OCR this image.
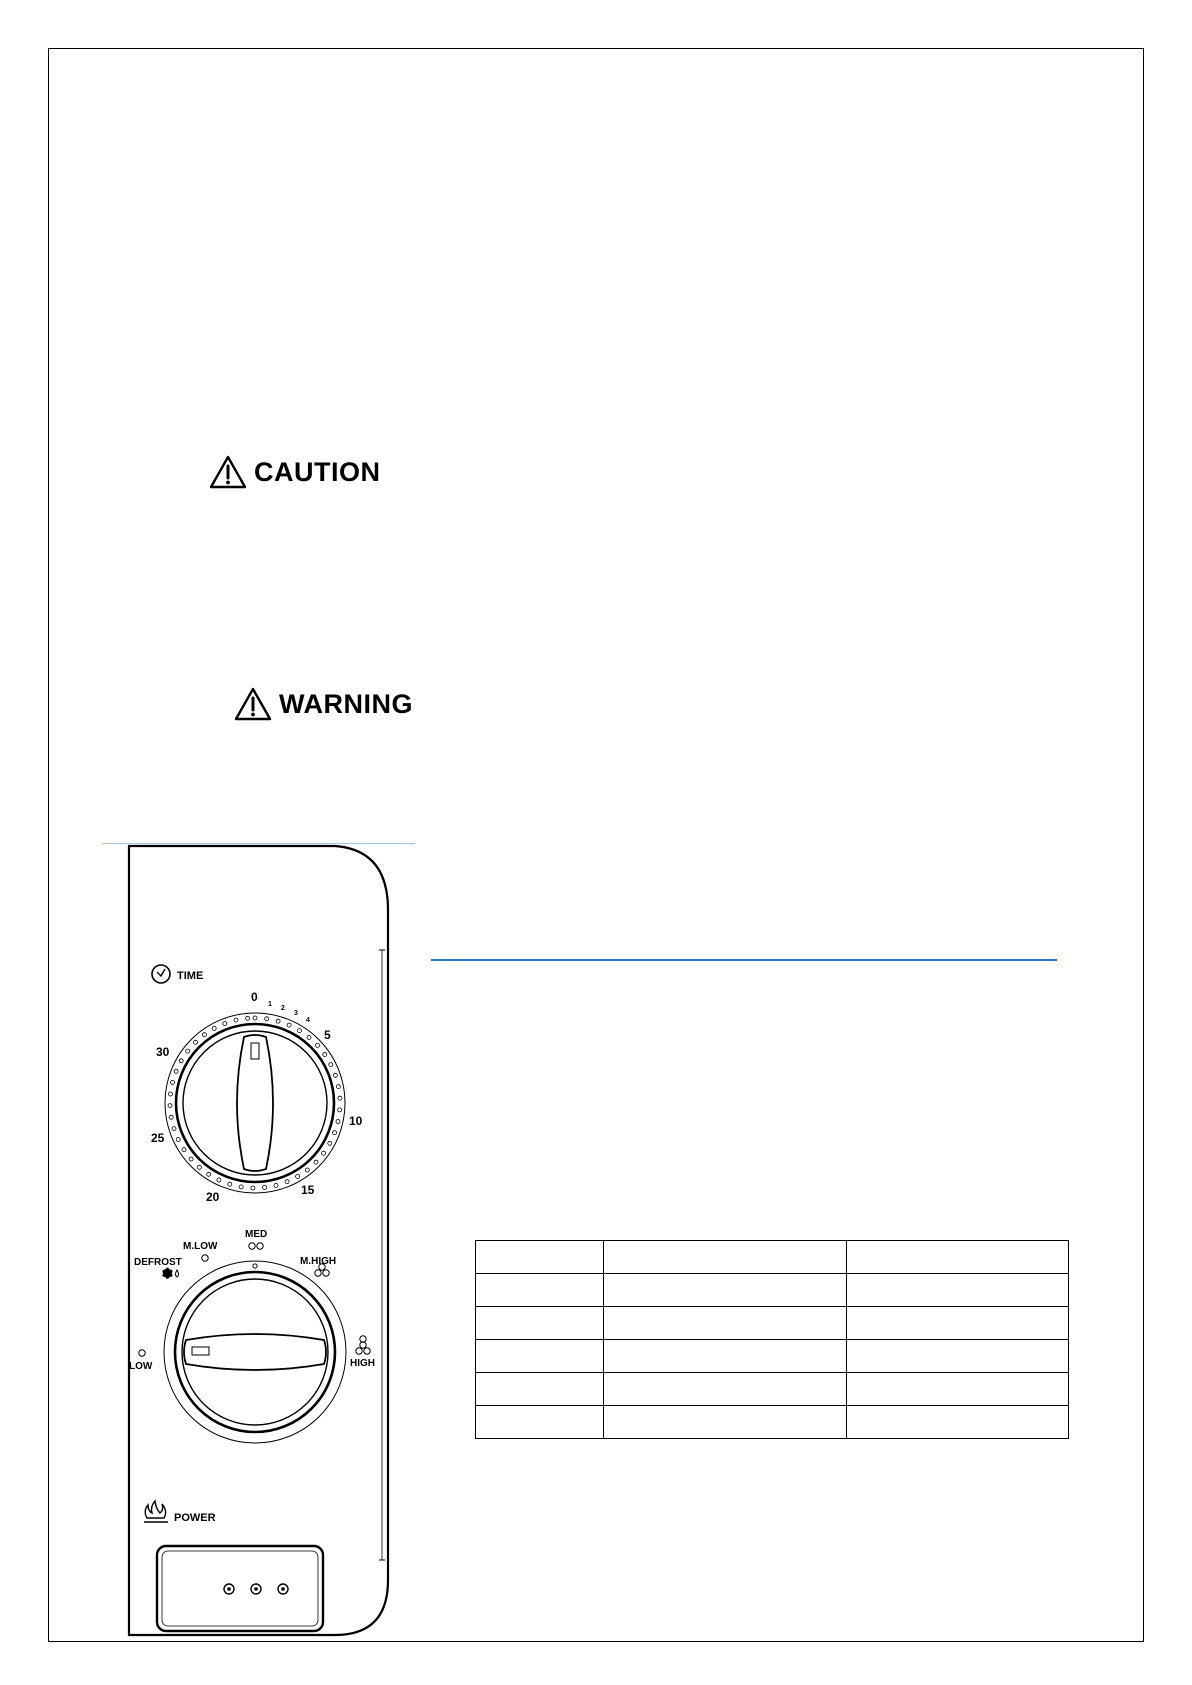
CAUTION
WARNING
TIME
0
1
2
3
4
5
10
15
20
25
30
DEFROST
M.LOW
MED
M.HIGH
LOW	HIGH
❄
POWER
